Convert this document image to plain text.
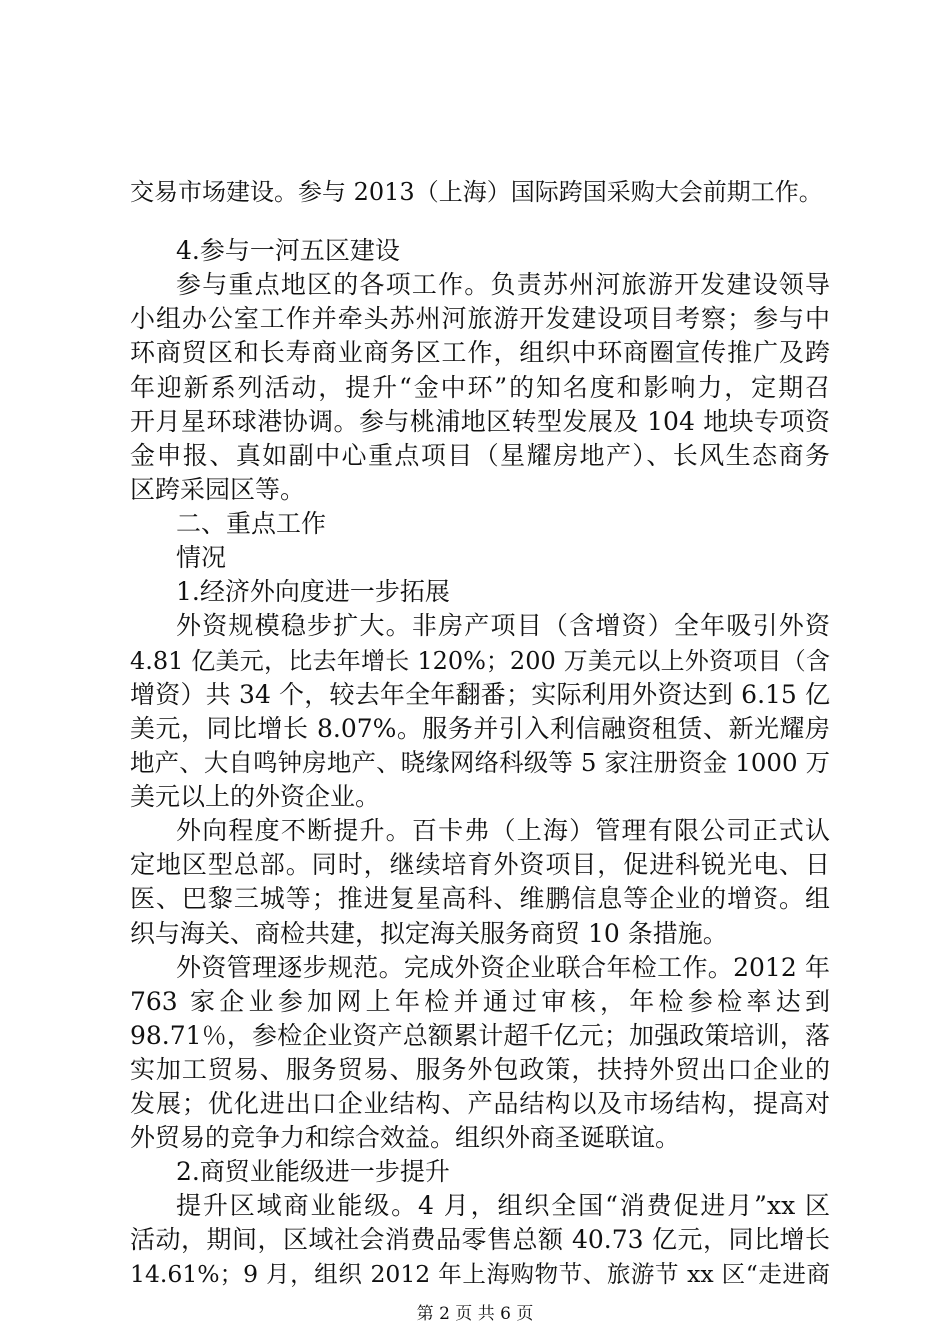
交易市场建设。参与 2013（上海）国际跨国采购大会前期工作。
4.参与一河五区建设
参与重点地区的各项工作。负责苏州河旅游开发建设领导
小组办公室工作并牵头苏州河旅游开发建设项目考察；参与中
环商贸区和长寿商业商务区工作，组织中环商圈宣传推广及跨
年迎新系列活动，提升“金中环”的知名度和影响力，定期召
开月星环球港协调。参与桃浦地区转型发展及 104 地块专项资
金申报、真如副中心重点项目（星耀房地产）、长风生态商务
区跨采园区等。
二、重点工作
情况
1.经济外向度进一步拓展
外资规模稳步扩大。非房产项目（含增资）全年吸引外资
4.81 亿美元，比去年增长 120%；200 万美元以上外资项目（含
增资）共 34 个，较去年全年翻番；实际利用外资达到 6.15 亿
美元，同比增长 8.07%。服务并引入利信融资租赁、新光耀房
地产、大自鸣钟房地产、晓缘网络科级等 5 家注册资金 1000 万
美元以上的外资企业。
外向程度不断提升。百卡弗（上海）管理有限公司正式认
定地区型总部。同时，继续培育外资项目，促进科锐光电、日
医、巴黎三城等；推进复星高科、维鹏信息等企业的增资。组
织与海关、商检共建，拟定海关服务商贸 10 条措施。
外资管理逐步规范。完成外资企业联合年检工作。2012 年
763 家企业参加网上年检并通过审核，年检参检率达到
98.71％，参检企业资产总额累计超千亿元；加强政策培训，落
实加工贸易、服务贸易、服务外包政策，扶持外贸出口企业的
发展；优化进出口企业结构、产品结构以及市场结构，提高对
外贸易的竞争力和综合效益。组织外商圣诞联谊。
2.商贸业能级进一步提升
提升区域商业能级。4 月，组织全国“消费促进月”xx 区
活动，期间，区域社会消费品零售总额 40.73 亿元，同比增长
14.61%；9 月，组织 2012 年上海购物节、旅游节 xx 区“走进商
第 2 页 共 6 页
